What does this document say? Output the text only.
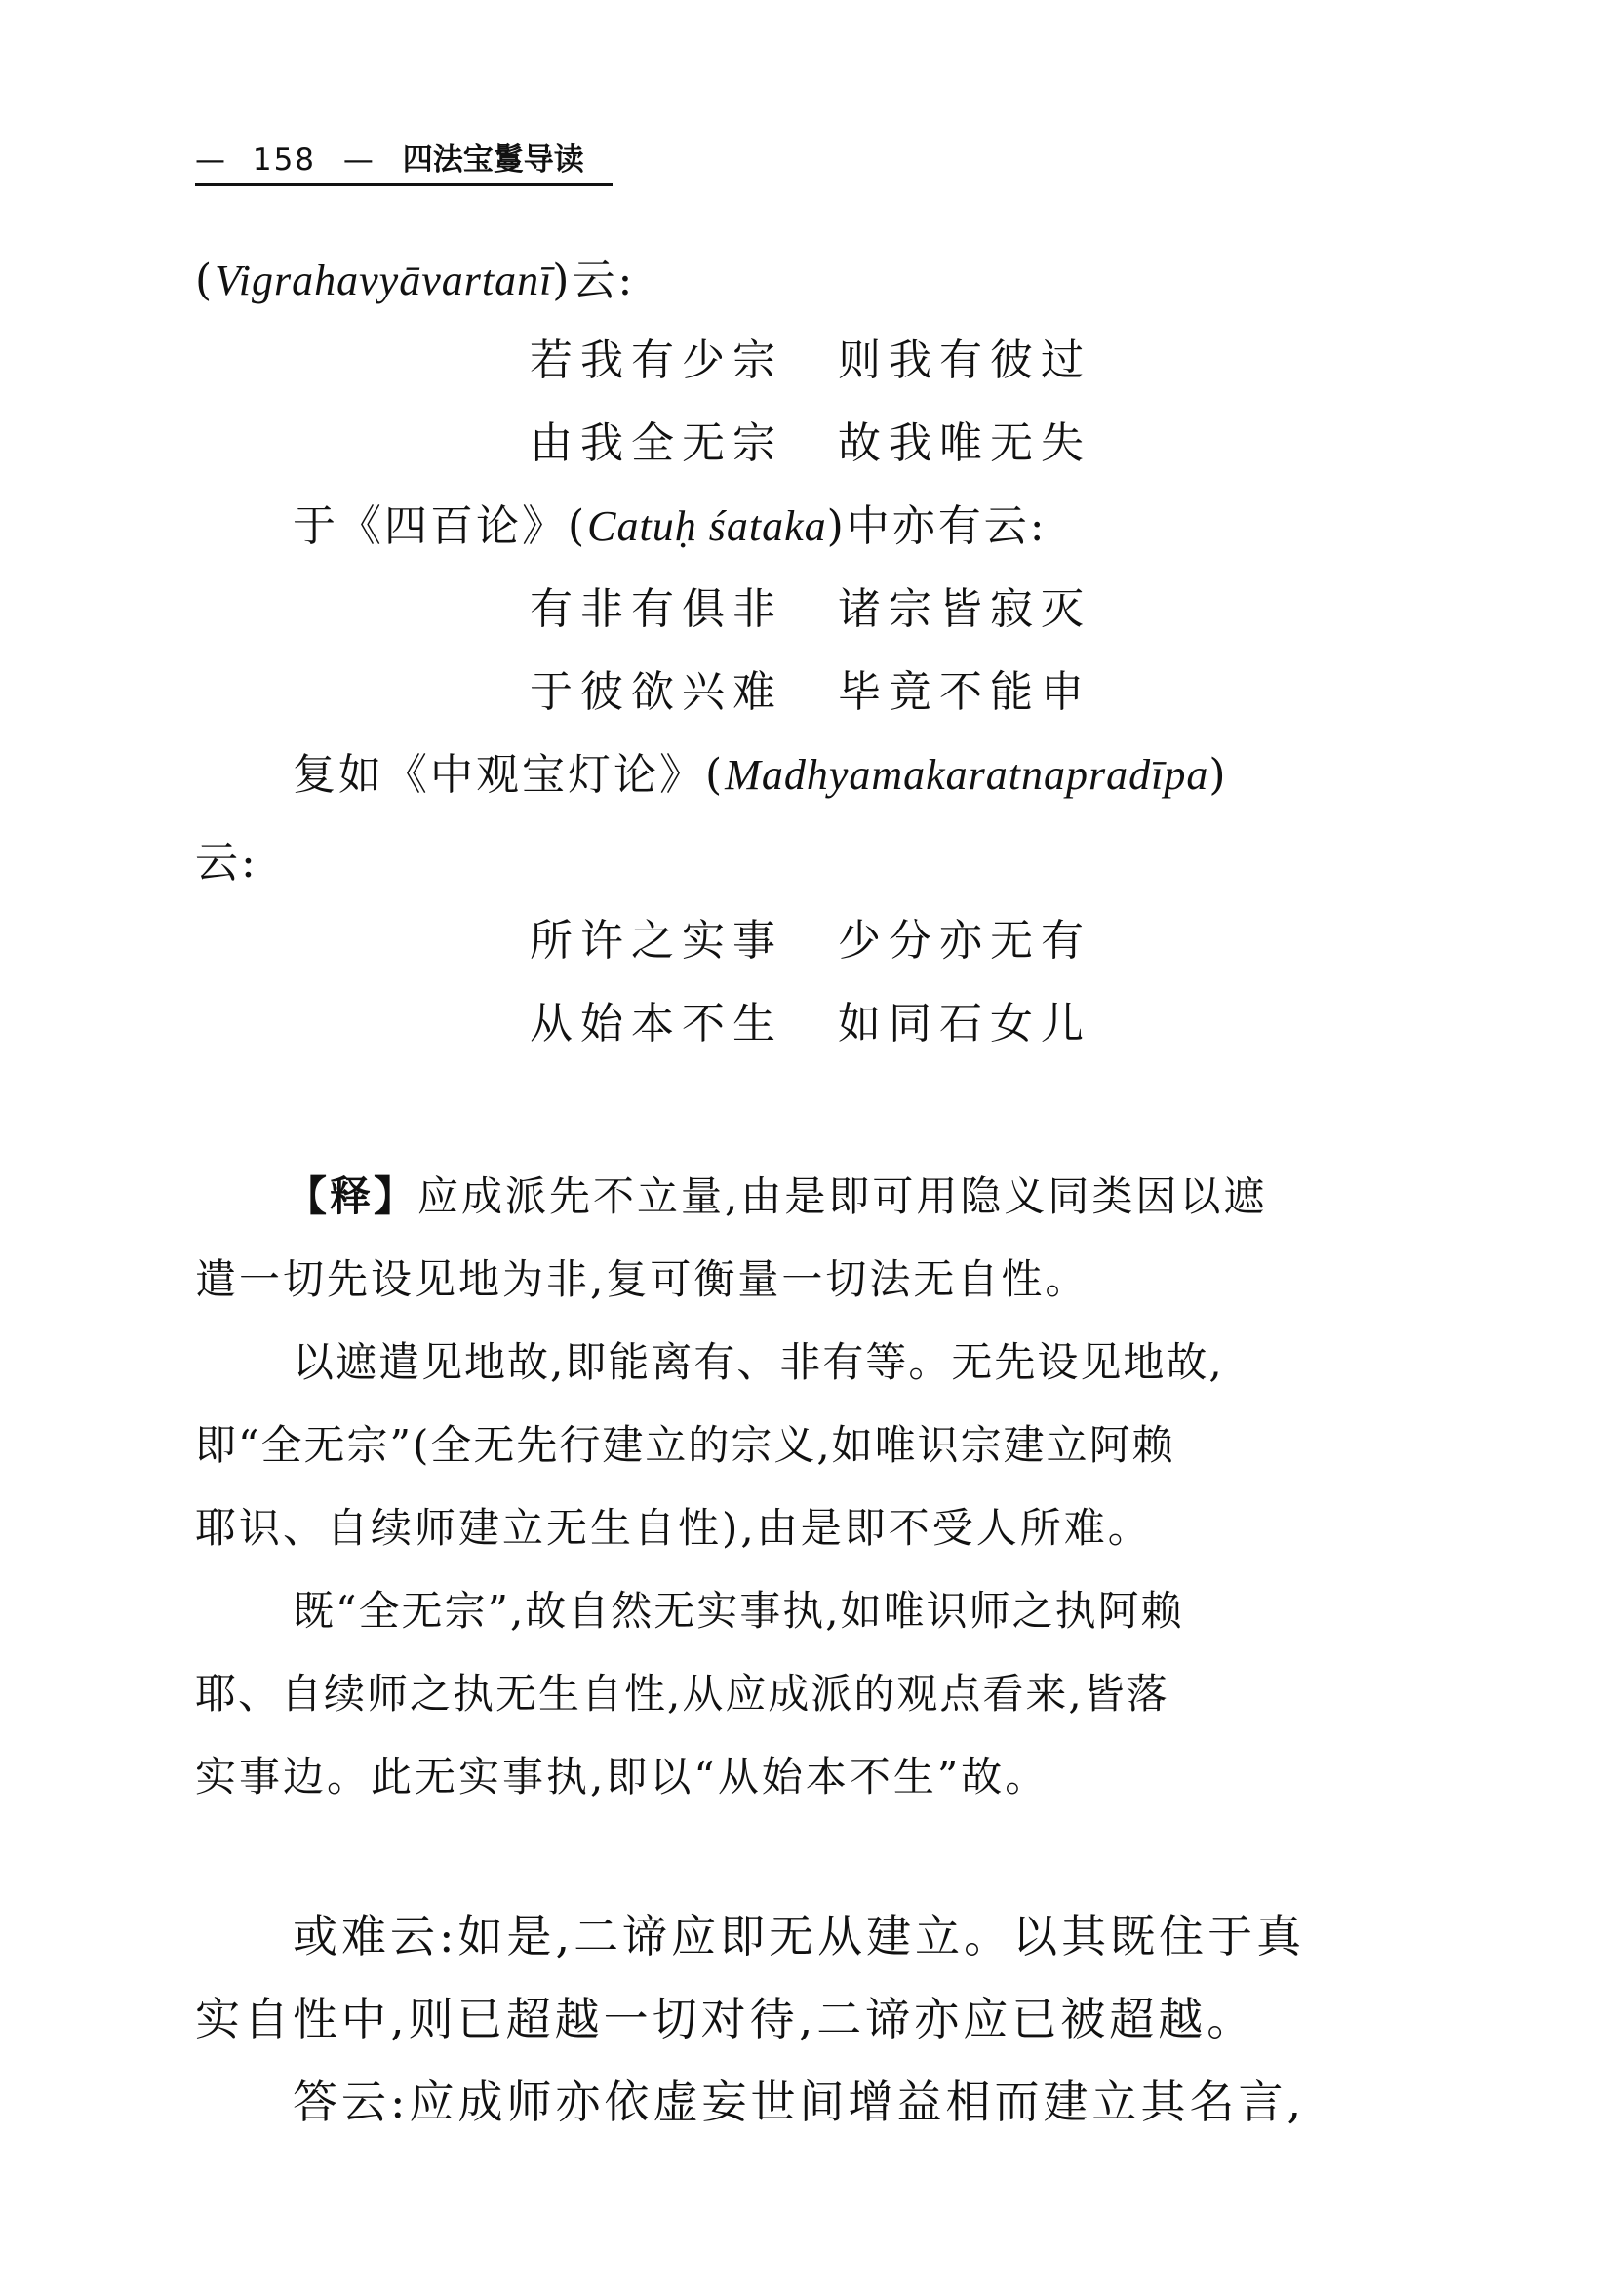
— 158 — 四法宝鬘导读
(Vigrahavyāvartanī)云:
若我有少宗 则我有彼过
由我全无宗 故我唯无失
于《四百论》(Catuḥ śataka)中亦有云:
有非有俱非 诸宗皆寂灭
于彼欲兴难 毕竟不能申
复如《中观宝灯论》(Madhyamakaratnapradīpa)
云:
所许之实事 少分亦无有
从始本不生 如同石女儿
【释】应成派先不立量,由是即可用隐义同类因以遮
遣一切先设见地为非,复可衡量一切法无自性。
以遮遣见地故,即能离有、非有等。无先设见地故,
即“全无宗”(全无先行建立的宗义,如唯识宗建立阿赖
耶识、自续师建立无生自性),由是即不受人所难。
既“全无宗”,故自然无实事执,如唯识师之执阿赖
耶、自续师之执无生自性,从应成派的观点看来,皆落
实事边。此无实事执,即以“从始本不生”故。
或难云:如是,二谛应即无从建立。以其既住于真
实自性中,则已超越一切对待,二谛亦应已被超越。
答云:应成师亦依虚妄世间增益相而建立其名言,
